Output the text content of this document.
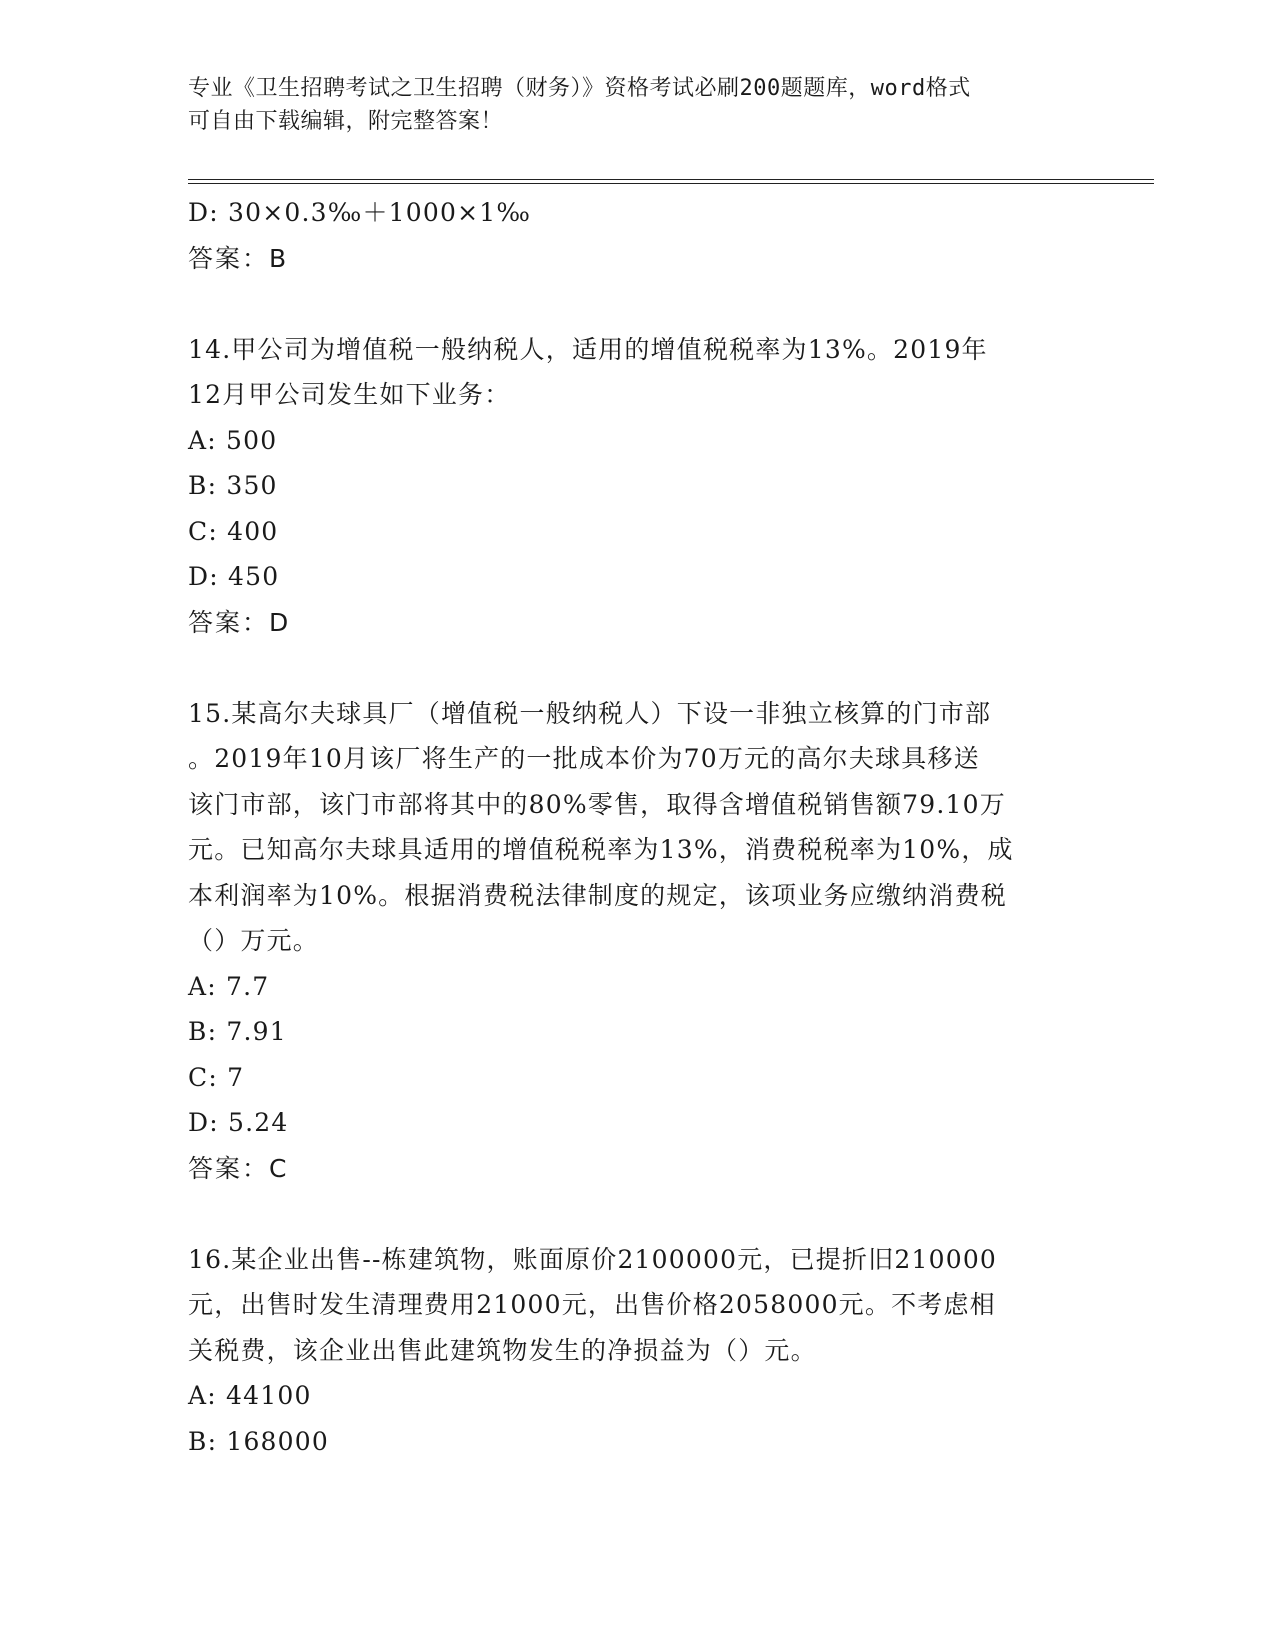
专业《卫生招聘考试之卫生招聘（财务）》资格考试必刷200题题库，word格式
可自由下载编辑，附完整答案！
D: 30×0.3‰＋1000×1‰
答案：B
14.甲公司为增值税一般纳税人，适用的增值税税率为13%。2019年
12月甲公司发生如下业务：
A: 500
B: 350
C: 400
D: 450
答案：D
15.某高尔夫球具厂（增值税一般纳税人）下设一非独立核算的门市部
。2019年10月该厂将生产的一批成本价为70万元的高尔夫球具移送
该门市部，该门市部将其中的80%零售，取得含增值税销售额79.10万
元。已知高尔夫球具适用的增值税税率为13%，消费税税率为10%，成
本利润率为10%。根据消费税法律制度的规定，该项业务应缴纳消费税
（）万元。
A: 7.7
B: 7.91
C: 7
D: 5.24
答案：C
16.某企业出售--栋建筑物，账面原价2100000元，已提折旧210000
元，出售时发生清理费用21000元，出售价格2058000元。不考虑相
关税费，该企业出售此建筑物发生的净损益为（）元。
A: 44100
B: 168000
